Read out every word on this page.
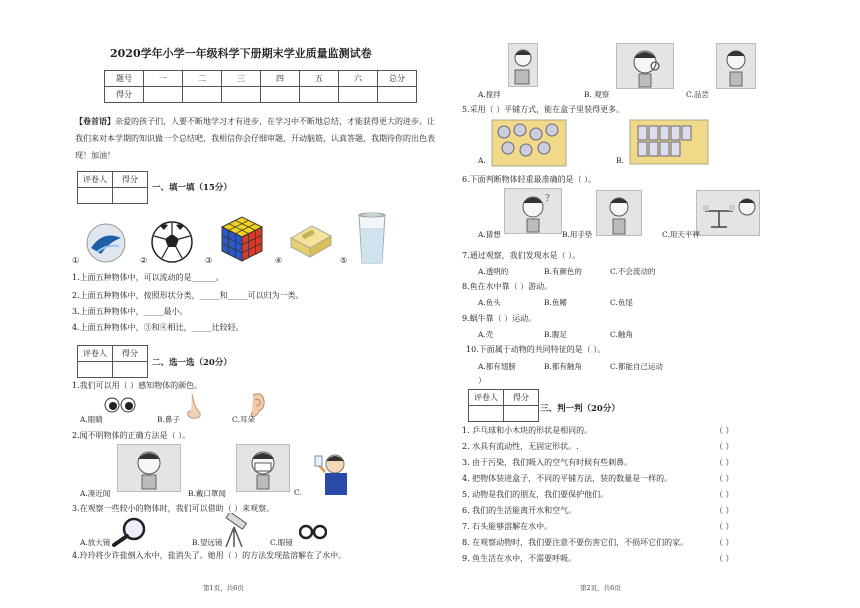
2020学年小学一年级科学下册期末学业质量监测试卷
题号	一	二	三	四	五	六	总分
得分							
【卷首语】亲爱的孩子们，人要不断地学习才有进步，在学习中不断地总结，才能获得更大的进步。让我们来对本学期的知识做一个总结吧，我相信你会仔细审题，开动脑筋，认真答题，我期待你的出色表现！加油！
评卷人	得分

一、填一填（15分）
①	②	③	④	⑤
1.上面五种物体中，可以流动的是______。
2.上面五种物体中，按照形状分类，_____和_____可以归为一类。
3.上面五种物体中，_____最小。
4.上面五种物体中，③和④相比，_____比较轻。
评卷人	得分

二、选一选（20分）
1.我们可以用（ ）感知物体的颜色。
A.眼睛	B.鼻子	C.耳朵
2.闻不明物体的正确方法是（ ）。
A.凑近闻	B.戴口罩闻	C.
3.在观察一些较小的物体时，我们可以借助（ ）来观察。
A.放大镜	B.望远镜	C.眼镜
4.玲玲将少许盐倒入水中，盐消失了。她用（ ）的方法发现盐溶解在了水中。
第1页，共6页
A.搅拌	B. 观察	C.品尝
5.采用（ ）平铺方式，能在盒子里装得更多。
A.	B.
6.下面判断物体轻重最准确的是（ ）。
?
A.猜想	B.用手垫	C.用天平秤
7.通过观察，我们发现水是（ ）。
A.透明的	B.有颜色的	C.不会流动的
8.鱼在水中靠（ ）游动。
A.鱼头	B.鱼鳍	C.鱼尾
9.蜗牛靠（ ）运动。
A.壳	B.腹足	C.触角
10.下面属于动物的共同特征的是（ ）。
A.都有翅膀	B.都有触角	C.都能自己运动
）
评卷人	得分

三、判一判（20分）
1. 乒乓球和小木块的形状是相同的。	（ ）
2. 水具有流动性，无固定形状。.	（ ）
3. 由于污染，我们吸入的空气有时候有些刺鼻。	（ ）
4. 把物体装进盒子，不同的平铺方法，装的数量是一样的。	（ ）
5. 动物是我们的朋友，我们要保护他们。	（ ）
6. 我们的生活能离开水和空气。	（ ）
7. 石头能够溶解在水中。	（ ）
8. 在观察动物时，我们要注意不要伤害它们，不损坏它们的家。	（ ）
9. 鱼生活在水中，不需要呼吸。	（ ）
第2页，共6页
